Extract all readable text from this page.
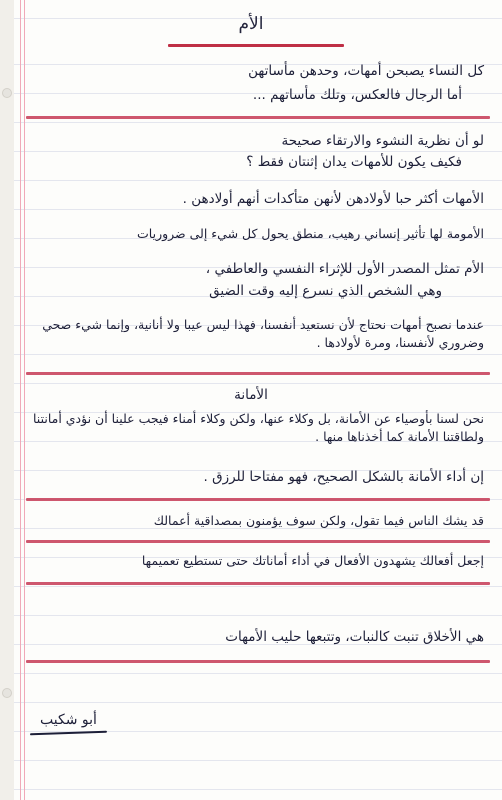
الأم
كل النساء يصبحن أمهات، وحدهن مأساتهن
أما الرجال فالعكس، وتلك مأساتهم ...
لو أن نظرية النشوء والارتقاء صحيحة
فكيف يكون للأمهات يدان إثنتان فقط ؟
الأمهات أكثر حبا لأولادهن لأنهن متأكدات أنهم أولادهن .
الأمومة لها تأثير إنساني رهيب، منطق يحول كل شيء إلى ضروريات
الأم تمثل المصدر الأول للإثراء النفسي والعاطفي ،
وهي الشخص الذي نسرع إليه وقت الضيق
عندما نصبح أمهات نحتاج لأن نستعيد أنفسنا، فهذا ليس عيبا ولا أنانية، وإنما شيء صحي وضروري لأنفسنا، ومرة لأولادها .
الأمانة
نحن لسنا بأوصياء عن الأمانة، بل وكلاء عنها، ولكن وكلاء أمناء فيجب علينا أن نؤدي أمانتنا ولطاقتنا الأمانة كما أخذناها منها .
إن أداء الأمانة بالشكل الصحيح، فهو مفتاحا للرزق .
قد يشك الناس فيما تقول، ولكن سوف يؤمنون بمصداقية أعمالك
إجعل أفعالك يشهدون الأفعال في أداء أماناتك حتى تستطيع تعميمها
هي الأخلاق تنبت كالنبات، وتتبعها حليب الأمهات
أبو شكيب
